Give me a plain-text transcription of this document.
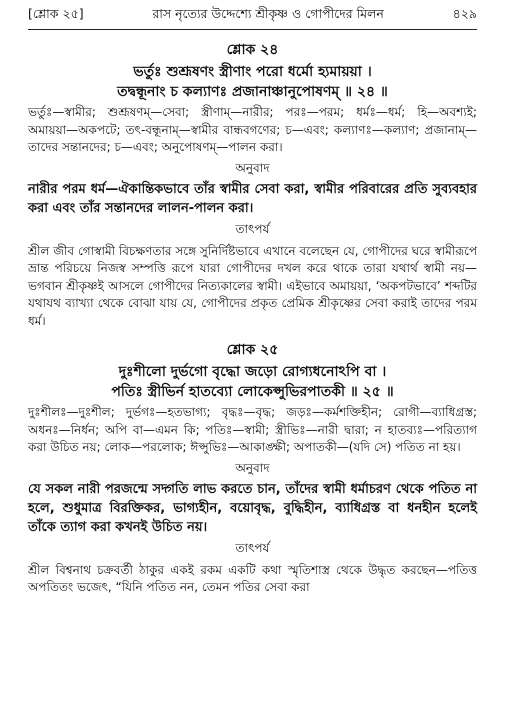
[শ্লোক ২৫]	রাস নৃত্যের উদ্দেশ্যে শ্রীকৃষ্ণ ও গোপীদের মিলন	৪২৯
শ্লোক ২৪
ভর্তুঃ শুশ্রূষণং স্ত্রীণাং পরো ধর্মো হ্যমায়য়া ।
তদ্বন্ধূনাং চ কল্যাণঃ প্রজানাঞ্চানুপোষণম্ ॥ ২৪ ॥
ভর্তুঃ—স্বামীর; শুশ্রূষণম্—সেবা; স্ত্রীণাম্—নারীর; পরঃ—পরম; ধর্মঃ—ধর্ম; হি—অবশ্যই; অমায়য়া—অকপটে; তৎ-বন্ধূনাম্—স্বামীর বান্ধবগণের; চ—এবং; কল্যাণঃ—কল্যাণ; প্রজানাম্—তাদের সন্তানদের; চ—এবং; অনুপোষণম্—পালন করা।
অনুবাদ
নারীর পরম ধর্ম—ঐকান্তিকভাবে তাঁর স্বামীর সেবা করা, স্বামীর পরিবারের প্রতি সুব্যবহার করা এবং তাঁর সন্তানদের লালন-পালন করা।
তাৎপর্য
শ্রীল জীব গোস্বামী বিচক্ষণতার সঙ্গে সুনির্দিষ্টভাবে এখানে বলেছেন যে, গোপীদের ঘরে স্বামীরূপে ভ্রান্ত পরিচয়ে নিজস্ব সম্পত্তি রূপে যারা গোপীদের দখল করে থাকে তারা যথার্থ স্বামী নয়—ভগবান শ্রীকৃষ্ণই আসলে গোপীদের নিত্যকালের স্বামী। এইভাবে অমায়য়া, ‘অকপটভাবে’ শব্দটির যথাযথ ব্যাখ্যা থেকে বোঝা যায় যে, গোপীদের প্রকৃত প্রেমিক শ্রীকৃষ্ণের সেবা করাই তাদের পরম ধর্ম।
শ্লোক ২৫
দুঃশীলো দুর্ভগো বৃদ্ধো জড়ো রোগ্যধনোঽপি বা ।
পতিঃ স্ত্রীভির্ন হাতব্যো লোকেপ্সুভিরপাতকী ॥ ২৫ ॥
দুঃশীলঃ—দুঃশীল; দুর্ভগঃ—হতভাগ্য; বৃদ্ধঃ—বৃদ্ধ; জড়ঃ—কর্মশক্তিহীন; রোগী—ব্যাধিগ্রস্ত; অধনঃ—নির্ধন; অপি বা—এমন কি; পতিঃ—স্বামী; স্ত্রীভিঃ—নারী দ্বারা; ন হাতব্যঃ—পরিত্যাগ করা উচিত নয়; লোক—পরলোক; ঈপ্সুভিঃ—আকাঙ্ক্ষী; অপাতকী—(যদি সে) পতিত না হয়।
অনুবাদ
যে সকল নারী পরজন্মে সদ্গতি লাভ করতে চান, তাঁদের স্বামী ধর্মাচরণ থেকে পতিত না হলে, শুধুমাত্র বিরক্তিকর, ভাগ্যহীন, বয়োবৃদ্ধ, বুদ্ধিহীন, ব্যাধিগ্রস্ত বা ধনহীন হলেই তাঁকে ত্যাগ করা কখনই উচিত নয়।
তাৎপর্য
শ্রীল বিশ্বনাথ চক্রবর্তী ঠাকুর একই রকম একটি কথা স্মৃতিশাস্ত্র থেকে উদ্ধৃত করছেন—পতিত্ত অপতিতং ভজেৎ, “যিনি পতিত নন, তেমন পতির সেবা করা
